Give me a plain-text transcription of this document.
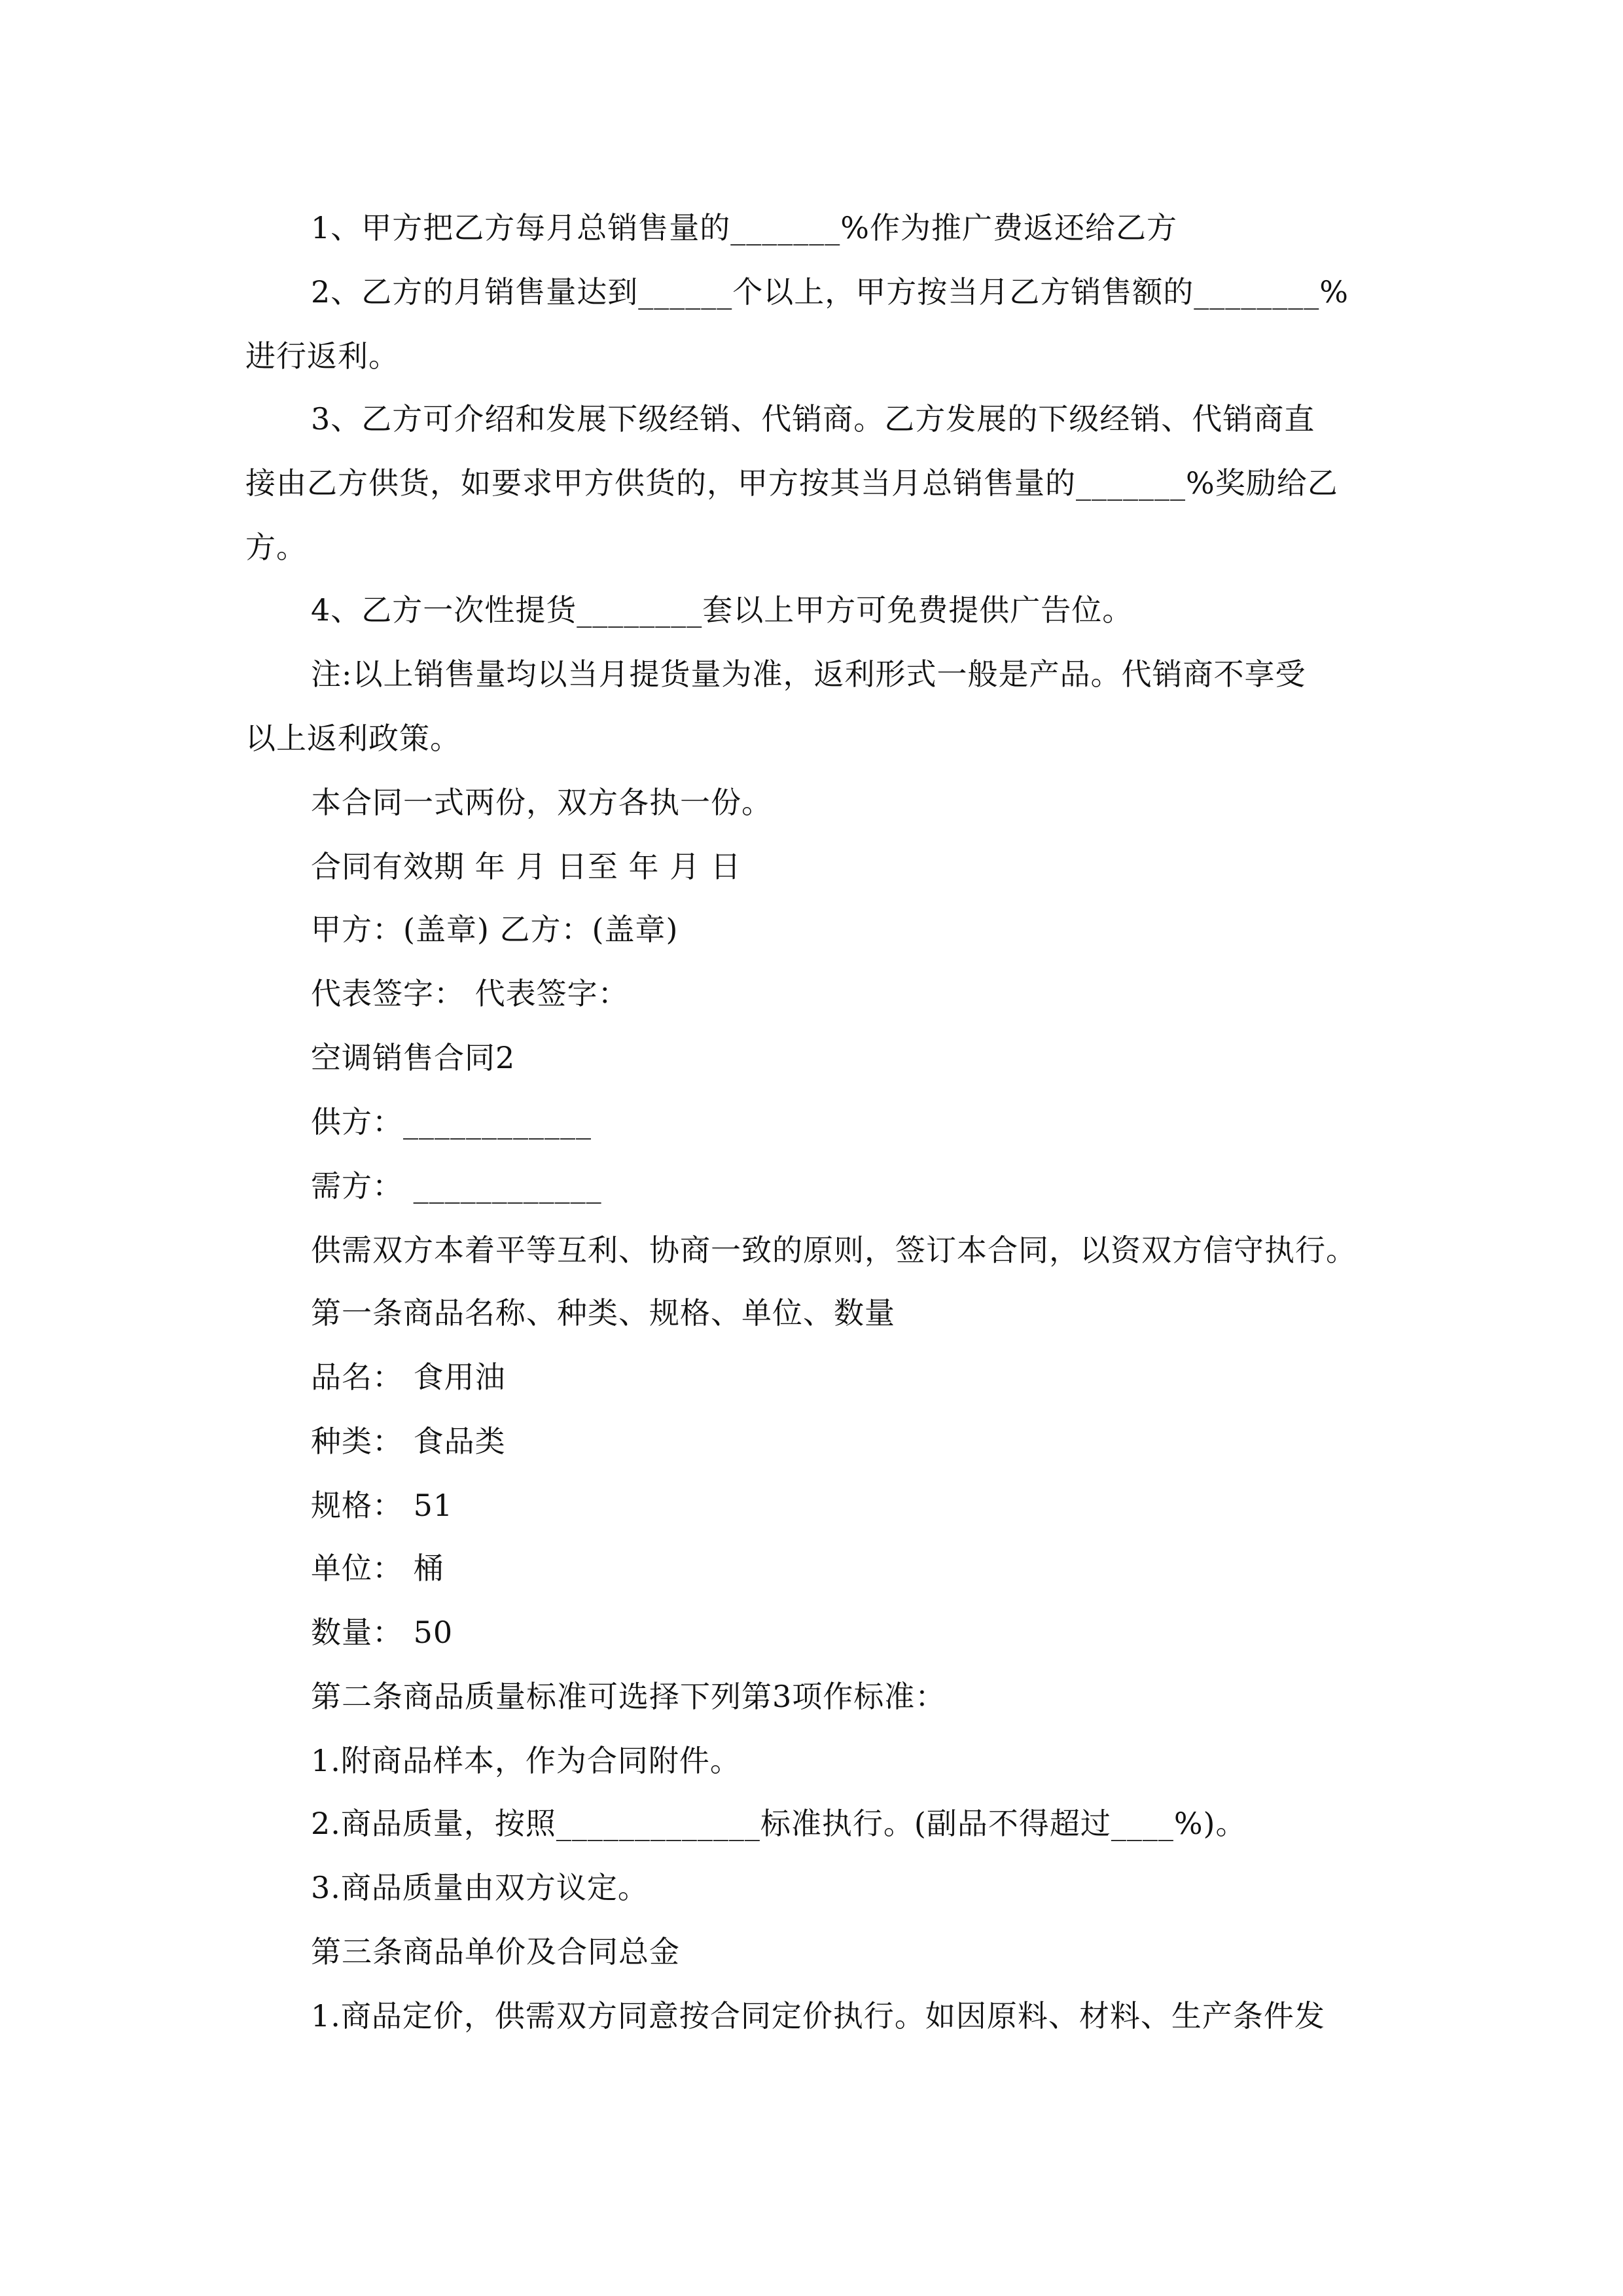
1、甲方把乙方每月总销售量的_______%作为推广费返还给乙方
2、乙方的月销售量达到______个以上，甲方按当月乙方销售额的________%
进行返利。
3、乙方可介绍和发展下级经销、代销商。乙方发展的下级经销、代销商直
接由乙方供货，如要求甲方供货的，甲方按其当月总销售量的_______%奖励给乙
方。
4、乙方一次性提货________套以上甲方可免费提供广告位。
注:以上销售量均以当月提货量为准，返利形式一般是产品。代销商不享受
以上返利政策。
本合同一式两份，双方各执一份。
合同有效期 年 月 日至 年 月 日
甲方：(盖章) 乙方：(盖章)
代表签字： 代表签字：
空调销售合同2
供方：____________
需方： ____________
供需双方本着平等互利、协商一致的原则，签订本合同，以资双方信守执行。
第一条商品名称、种类、规格、单位、数量
品名： 食用油
种类： 食品类
规格： 51
单位： 桶
数量： 50
第二条商品质量标准可选择下列第3项作标准：
1.附商品样本，作为合同附件。
2.商品质量，按照_____________标准执行。(副品不得超过____%)。
3.商品质量由双方议定。
第三条商品单价及合同总金
1.商品定价，供需双方同意按合同定价执行。如因原料、材料、生产条件发
